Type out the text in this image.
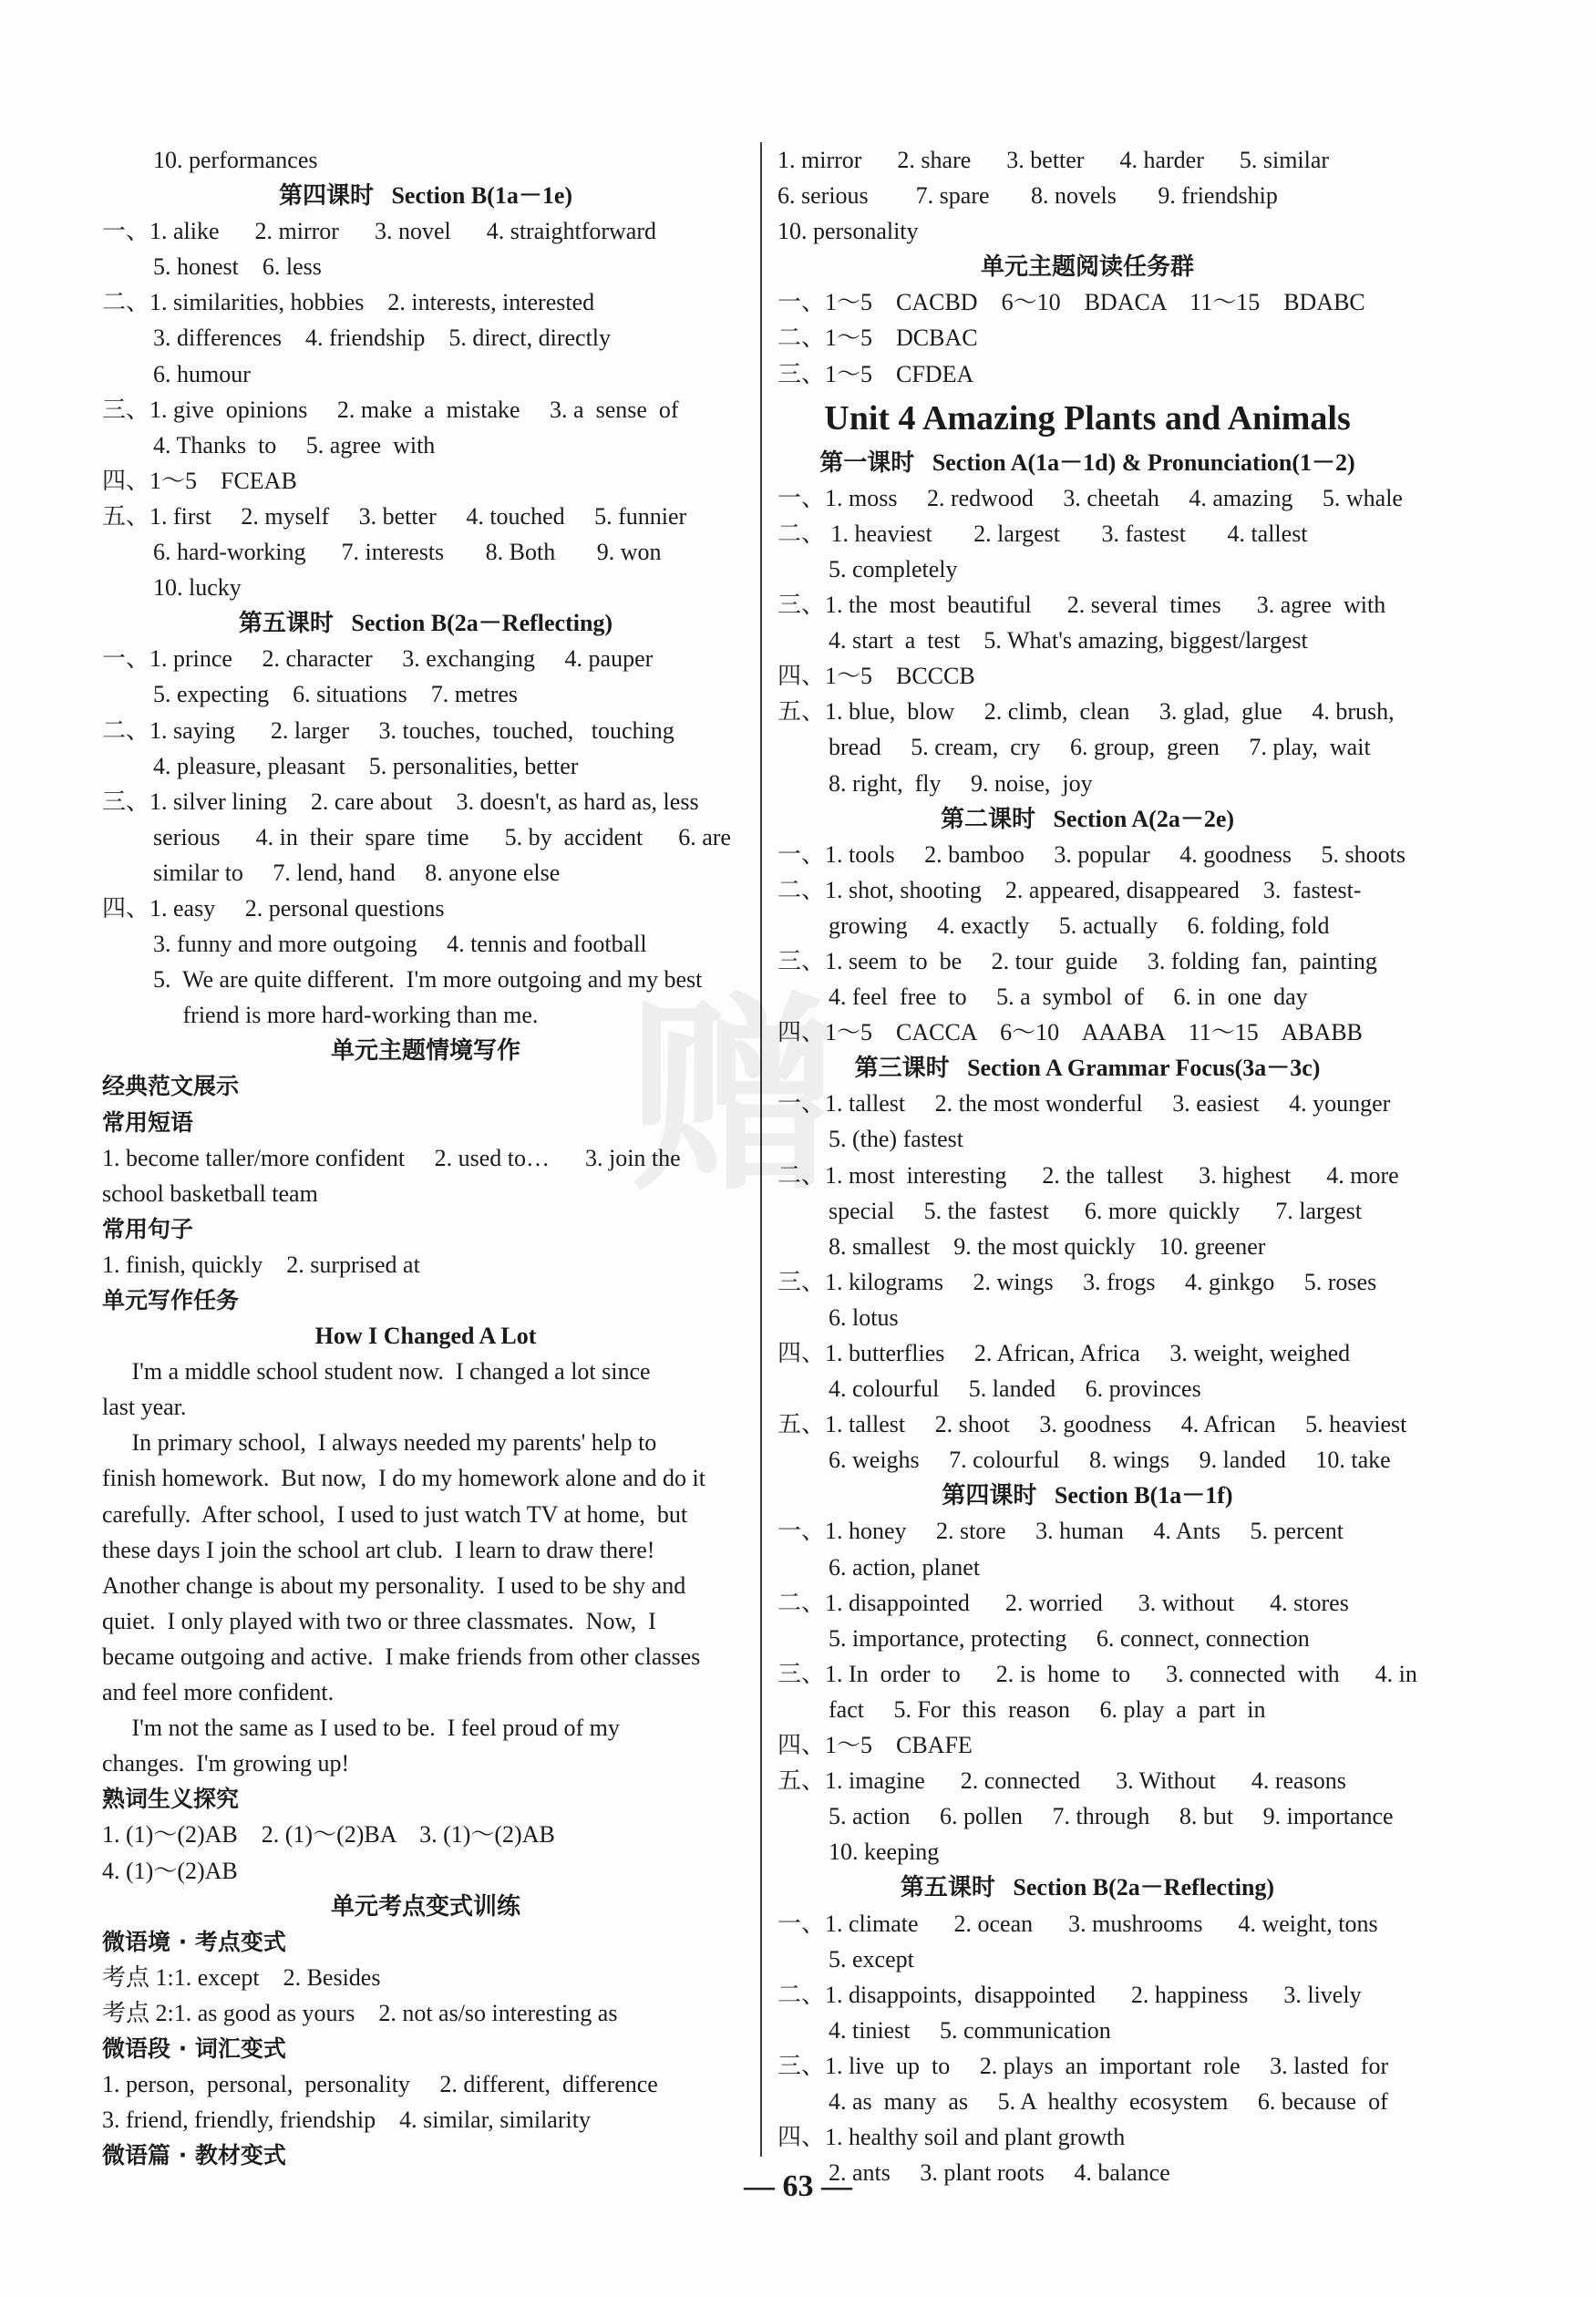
10. performances
第四课时   Section B(1a－1e)
一、1. alike      2. mirror      3. novel      4. straightforward
5. honest    6. less
二、1. similarities, hobbies    2. interests, interested
3. differences    4. friendship    5. direct, directly
6. humour
三、1. give  opinions     2. make  a  mistake     3. a  sense  of
4. Thanks  to     5. agree  with
四、1～5    FCEAB
五、1. first     2. myself     3. better     4. touched     5. funnier
6. hard-working      7. interests       8. Both       9. won
10. lucky
第五课时   Section B(2a－Reflecting)
一、1. prince     2. character     3. exchanging     4. pauper
5. expecting    6. situations    7. metres
二、1. saying      2. larger     3. touches,  touched,   touching
4. pleasure, pleasant    5. personalities, better
三、1. silver lining    2. care about    3. doesn't, as hard as, less
serious      4. in  their  spare  time      5. by  accident      6. are
similar to     7. lend, hand     8. anyone else
四、1. easy     2. personal questions
3. funny and more outgoing     4. tennis and football
5.  We are quite different.  I'm more outgoing and my best
friend is more hard-working than me.
单元主题情境写作
经典范文展示
常用短语
1. become taller/more confident     2. used to…      3. join the
school basketball team
常用句子
1. finish, quickly    2. surprised at
单元写作任务
How I Changed A Lot
I'm a middle school student now.  I changed a lot since
last year.
In primary school,  I always needed my parents' help to
finish homework.  But now,  I do my homework alone and do it
carefully.  After school,  I used to just watch TV at home,  but
these days I join the school art club.  I learn to draw there!
Another change is about my personality.  I used to be shy and
quiet.  I only played with two or three classmates.  Now,  I
became outgoing and active.  I make friends from other classes
and feel more confident.
I'm not the same as I used to be.  I feel proud of my
changes.  I'm growing up!
熟词生义探究
1. (1)～(2)AB    2. (1)～(2)BA    3. (1)～(2)AB
4. (1)～(2)AB
单元考点变式训练
微语境 · 考点变式
考点 1:1. except    2. Besides
考点 2:1. as good as yours    2. not as/so interesting as
微语段 · 词汇变式
1. person,  personal,  personality     2. different,  difference
3. friend, friendly, friendship    4. similar, similarity
微语篇 · 教材变式
1. mirror      2. share      3. better      4. harder      5. similar
6. serious        7. spare       8. novels       9. friendship
10. personality
单元主题阅读任务群
一、1～5    CACBD    6～10    BDACA    11～15    BDABC
二、1～5    DCBAC
三、1～5    CFDEA
Unit 4 Amazing Plants and Animals
第一课时   Section A(1a－1d) & Pronunciation(1－2)
一、1. moss     2. redwood     3. cheetah     4. amazing     5. whale
二、 1. heaviest       2. largest       3. fastest       4. tallest
5. completely
三、1. the  most  beautiful      2. several  times      3. agree  with
4. start  a  test    5. What's amazing, biggest/largest
四、1～5    BCCCB
五、1. blue,  blow     2. climb,  clean     3. glad,  glue     4. brush,
bread     5. cream,  cry     6. group,  green     7. play,  wait
8. right,  fly     9. noise,  joy
第二课时   Section A(2a－2e)
一、1. tools     2. bamboo     3. popular     4. goodness     5. shoots
二、1. shot, shooting    2. appeared, disappeared    3.  fastest-
growing     4. exactly     5. actually     6. folding, fold
三、1. seem  to  be     2. tour  guide     3. folding  fan,  painting
4. feel  free  to     5. a  symbol  of     6. in  one  day
四、1～5    CACCA    6～10    AAABA    11～15    ABABB
第三课时   Section A Grammar Focus(3a－3c)
一、1. tallest     2. the most wonderful     3. easiest     4. younger
5. (the) fastest
二、1. most  interesting      2. the  tallest      3. highest      4. more
special     5. the  fastest      6. more  quickly      7. largest
8. smallest    9. the most quickly    10. greener
三、1. kilograms     2. wings     3. frogs     4. ginkgo     5. roses
6. lotus
四、1. butterflies     2. African, Africa     3. weight, weighed
4. colourful     5. landed     6. provinces
五、1. tallest     2. shoot     3. goodness     4. African     5. heaviest
6. weighs     7. colourful     8. wings     9. landed     10. take
第四课时   Section B(1a－1f)
一、1. honey     2. store     3. human     4. Ants     5. percent
6. action, planet
二、1. disappointed      2. worried      3. without      4. stores
5. importance, protecting     6. connect, connection
三、1. In  order  to      2. is  home  to      3. connected  with      4. in
fact     5. For  this  reason     6. play  a  part  in
四、1～5    CBAFE
五、1. imagine      2. connected      3. Without      4. reasons
5. action     6. pollen     7. through     8. but     9. importance
10. keeping
第五课时   Section B(2a－Reflecting)
一、1. climate      2. ocean      3. mushrooms      4. weight, tons
5. except
二、1. disappoints,  disappointed      2. happiness      3. lively
4. tiniest     5. communication
三、1. live  up  to     2. plays  an  important  role     3. lasted  for
4. as  many  as     5. A  healthy  ecosystem     6. because  of
四、1. healthy soil and plant growth
2. ants     3. plant roots     4. balance
赠
— 63 —
